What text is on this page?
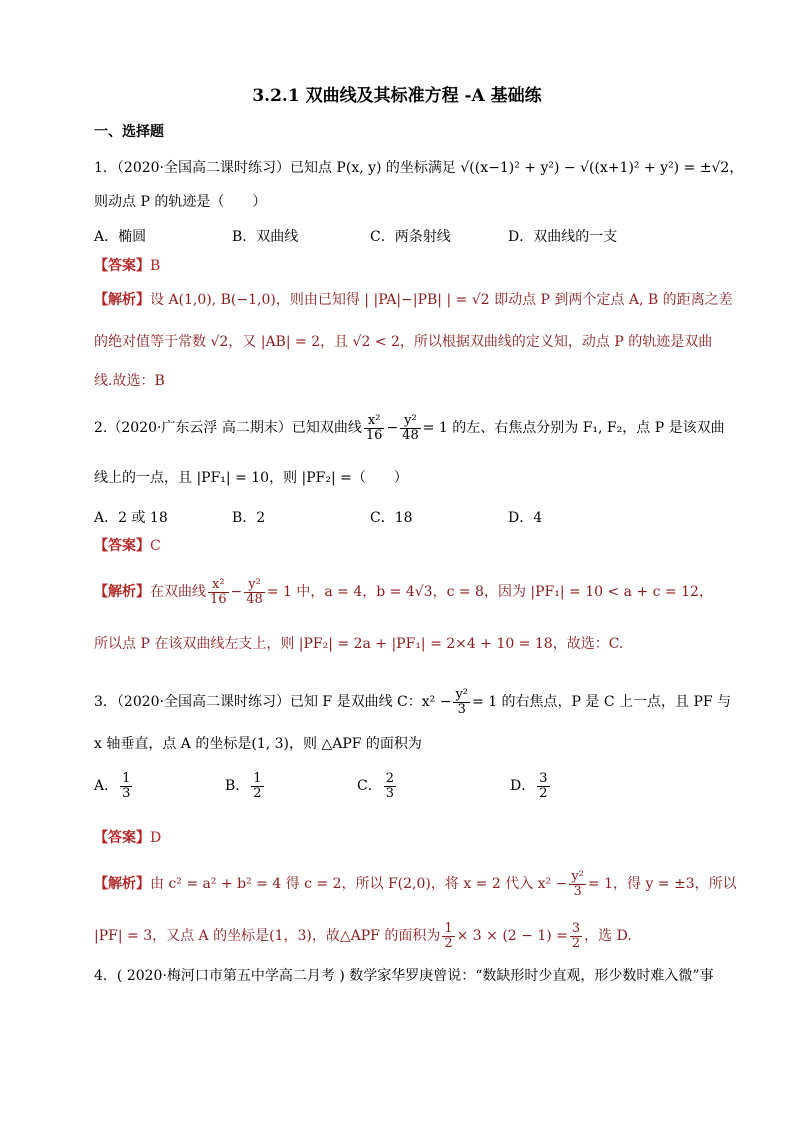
3.2.1 双曲线及其标准方程 -A 基础练
一、选择题
1．（2020·全国高二课时练习）已知点 P(x, y) 的坐标满足 √((x−1)² + y²) − √((x+1)² + y²) = ±√2，
则动点 P 的轨迹是（　　）
A．椭圆	B．双曲线	C．两条射线	D．双曲线的一支
【答案】B
【解析】设 A(1,0), B(−1,0)，则由已知得 | |PA|−|PB| | = √2 即动点 P 到两个定点 A, B 的距离之差
的绝对值等于常数 √2，又 |AB| = 2，且 √2 < 2，所以根据双曲线的定义知，动点 P 的轨迹是双曲
线.故选：B
2.（2020·广东云浮 高二期末）已知双曲线 $\frac{\text{x²}}{16} - \frac{\text{y²}}{48} = 1$ 的左、右焦点分别为 F₁, F₂，点 P 是该双曲
线上的一点，且 |PF₁| = 10，则 |PF₂| =（　　）
A．2 或 18	B．2	C．18	D．4
【答案】C
【解析】在双曲线 $\frac{\text{x²}}{16} - \frac{\text{y²}}{48} = 1$ 中，a = 4，b = 4√3，c = 8，因为 |PF₁| = 10 < a + c = 12，
所以点 P 在该双曲线左支上，则 |PF₂| = 2a + |PF₁| = 2×4 + 10 = 18，故选：C.
3．（2020·全国高二课时练习）已知 F 是双曲线 C：$x^2 - \frac{\text{y²}}{3} = 1$ 的右焦点，P 是 C 上一点，且 PF 与
x 轴垂直，点 A 的坐标是(1, 3)，则 △APF 的面积为
A． $\frac{1}{3}$	B． $\frac{1}{2}$	C． $\frac{2}{3}$	D． $\frac{3}{2}$
【答案】D
【解析】由 c² = a² + b² = 4 得 c = 2，所以 F(2,0)，将 x = 2 代入 $x^2 - \frac{\text{y²}}{3} = 1$，得 y = ±3，所以
|PF| = 3，又点 A 的坐标是(1，3)，故△APF 的面积为 $\frac{1}{2} \times 3 \times (2 - 1) = \frac{3}{2}$ ，选 D.
4．( 2020·梅河口市第五中学高二月考 ) 数学家华罗庚曾说：“数缺形时少直观，形少数时难入微”事
